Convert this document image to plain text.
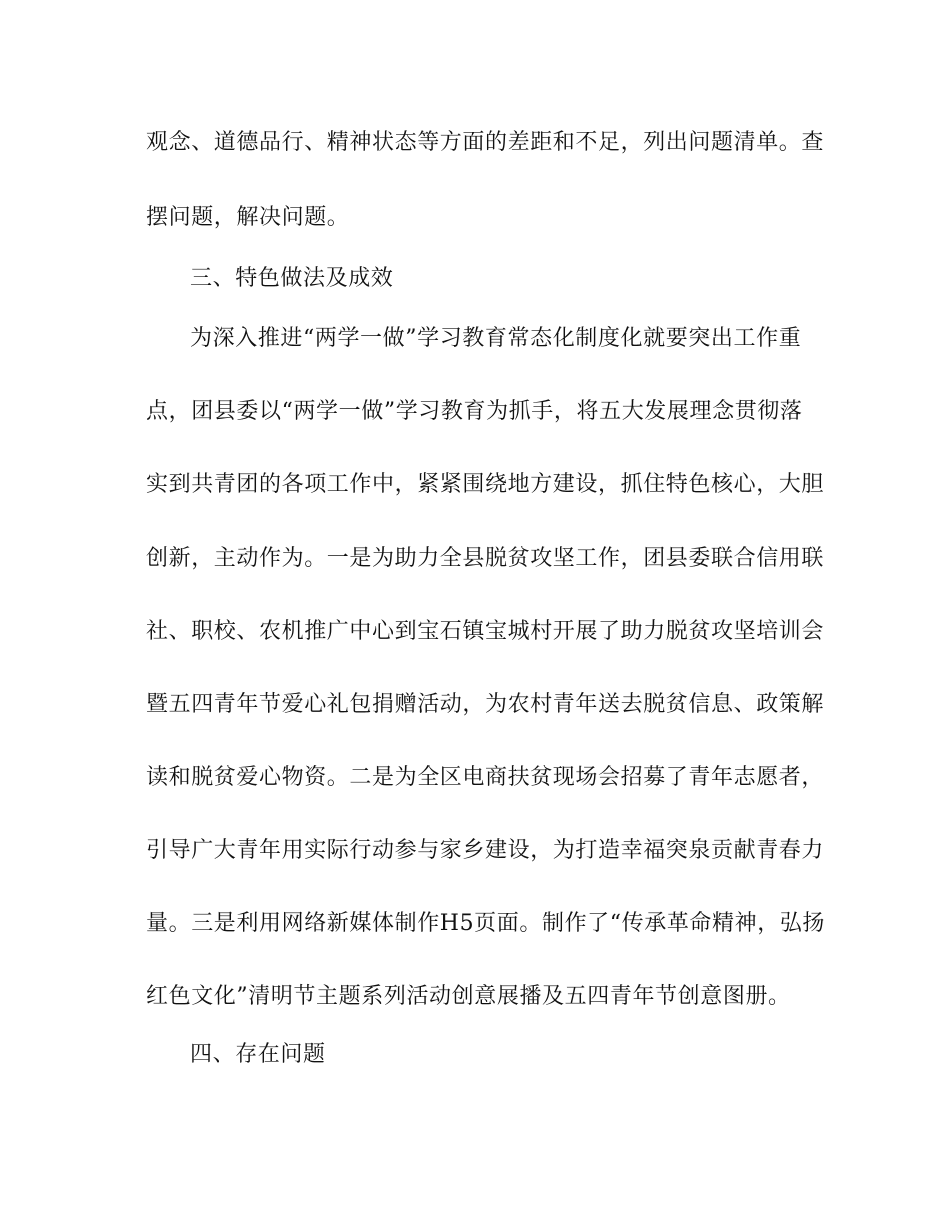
观念、道德品行、精神状态等方面的差距和不足，列出问题清单。查
摆问题，解决问题。
三、特色做法及成效
为深入推进“两学一做”学习教育常态化制度化就要突出工作重
点，团县委以“两学一做”学习教育为抓手，将五大发展理念贯彻落
实到共青团的各项工作中，紧紧围绕地方建设，抓住特色核心，大胆
创新，主动作为。一是为助力全县脱贫攻坚工作，团县委联合信用联
社、职校、农机推广中心到宝石镇宝城村开展了助力脱贫攻坚培训会
暨五四青年节爱心礼包捐赠活动，为农村青年送去脱贫信息、政策解
读和脱贫爱心物资。二是为全区电商扶贫现场会招募了青年志愿者，
引导广大青年用实际行动参与家乡建设，为打造幸福突泉贡献青春力
量。三是利用网络新媒体制作H5页面。制作了“传承革命精神，弘扬
红色文化”清明节主题系列活动创意展播及五四青年节创意图册。
四、存在问题
